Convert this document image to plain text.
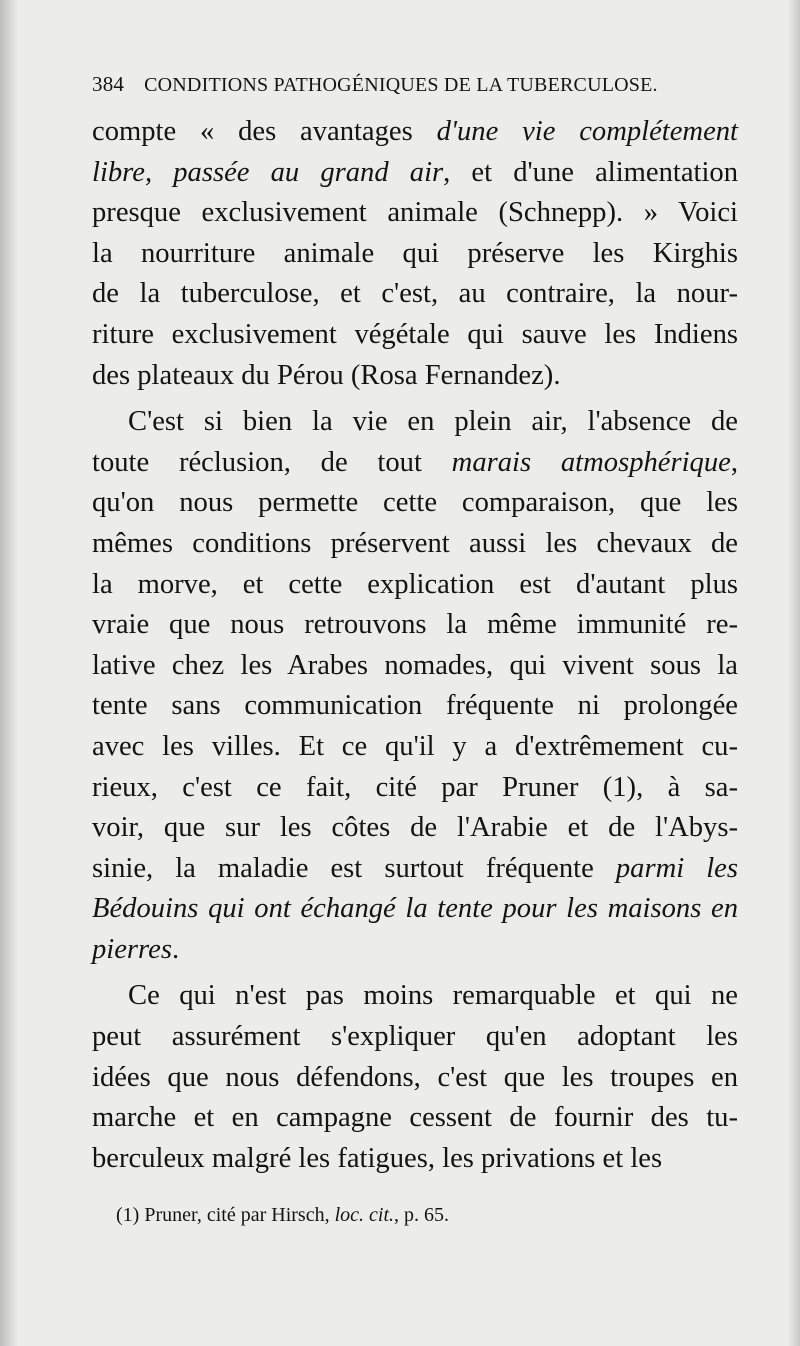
384 CONDITIONS PATHOGÉNIQUES DE LA TUBERCULOSE.

compte « des avantages d'une vie complétement
libre, passée au grand air, et d'une alimentation
presque exclusivement animale (Schnepp). » Voici
la nourriture animale qui préserve les Kirghis
de la tuberculose, et c'est, au contraire, la nour-
riture exclusivement végétale qui sauve les Indiens
des plateaux du Pérou (Rosa Fernandez).

C'est si bien la vie en plein air, l'absence de
toute réclusion, de tout marais atmosphérique,
qu'on nous permette cette comparaison, que les
mêmes conditions préservent aussi les chevaux de
la morve, et cette explication est d'autant plus
vraie que nous retrouvons la même immunité re-
lative chez les Arabes nomades, qui vivent sous la
tente sans communication fréquente ni prolongée
avec les villes. Et ce qu'il y a d'extrêmement cu-
rieux, c'est ce fait, cité par Pruner (1), à sa-
voir, que sur les côtes de l'Arabie et de l'Abys-
sinie, la maladie est surtout fréquente parmi les
Bédouins qui ont échangé la tente pour les maisons en
pierres.

Ce qui n'est pas moins remarquable et qui ne
peut assurément s'expliquer qu'en adoptant les
idées que nous défendons, c'est que les troupes en
marche et en campagne cessent de fournir des tu-
berculeux malgré les fatigues, les privations et les

(1) Pruner, cité par Hirsch, loc. cit., p. 65.
